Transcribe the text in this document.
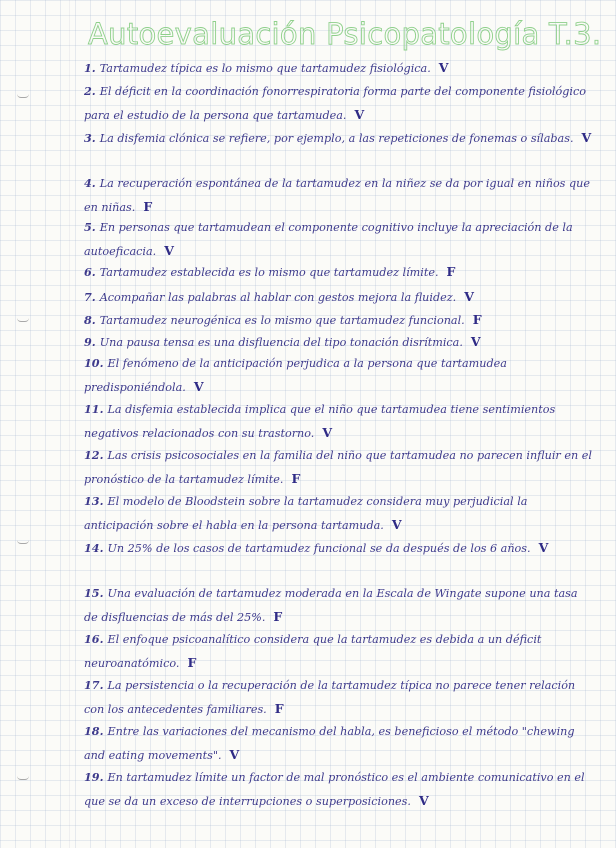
Autoevaluación Psicopatología T.3.
1. Tartamudez típica es lo mismo que tartamudez fisiológica. V
2. El déficit en la coordinación fonorrespiratoria forma parte del componente fisiológico para el estudio de la persona que tartamudea. V
3. La disfemia clónica se refiere, por ejemplo, a las repeticiones de fonemas o sílabas. V
4. La recuperación espontánea de la tartamudez en la niñez se da por igual en niños que en niñas. F
5. En personas que tartamudean el componente cognitivo incluye la apreciación de la autoeficacia. V
6. Tartamudez establecida es lo mismo que tartamudez límite. F
7. Acompañar las palabras al hablar con gestos mejora la fluidez. V
8. Tartamudez neurogénica es lo mismo que tartamudez funcional. F
9. Una pausa tensa es una disfluencia del tipo tonación disrítmica. V
10. El fenómeno de la anticipación perjudica a la persona que tartamudea predisponiéndola. V
11. La disfemia establecida implica que el niño que tartamudea tiene sentimientos negativos relacionados con su trastorno. V
12. Las crisis psicosociales en la familia del niño que tartamudea no parecen influir en el pronóstico de la tartamudez límite. F
13. El modelo de Bloodstein sobre la tartamudez considera muy perjudicial la anticipación sobre el habla en la persona tartamuda. V
14. Un 25% de los casos de tartamudez funcional se da después de los 6 años. V
15. Una evaluación de tartamudez moderada en la Escala de Wingate supone una tasa de disfluencias de más del 25%. F
16. El enfoque psicoanalítico considera que la tartamudez es debida a un déficit neuroanatómico. F
17. La persistencia o la recuperación de la tartamudez típica no parece tener relación con los antecedentes familiares. F
18. Entre las variaciones del mecanismo del habla, es beneficioso el método "chewing and eating movements". V
19. En tartamudez límite un factor de mal pronóstico es el ambiente comunicativo en el que se da un exceso de interrupciones o superposiciones. V
